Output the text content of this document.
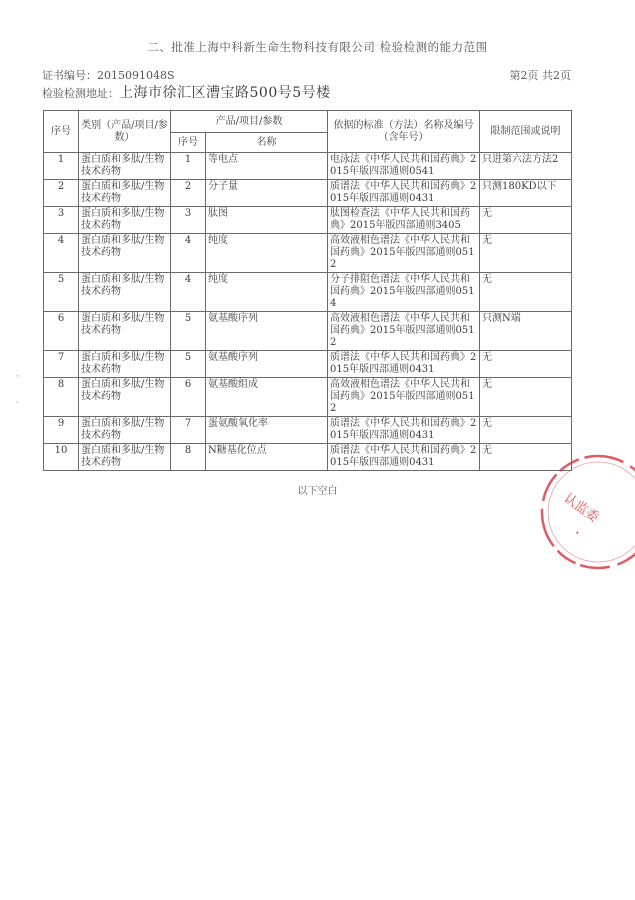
二、批准上海中科新生命生物科技有限公司 检验检测的能力范围
证书编号：2015091048S	第2页 共2页
检验检测地址：上海市徐汇区漕宝路500号5号楼
序号	类别（产品/项目/参数）	产品/项目/参数		依据的标准（方法）名称及编号（含年号）	限制范围或说明
		序号	名称		
1	蛋白质和多肽/生物技术药物	1	等电点	电泳法《中华人民共和国药典》2015年版四部通则0541	只进第六法方法2
2	蛋白质和多肽/生物技术药物	2	分子量	质谱法《中华人民共和国药典》2015年版四部通则0431	只测180KD以下
3	蛋白质和多肽/生物技术药物	3	肽图	肽图检查法《中华人民共和国药典》2015年版四部通则3405	无
4	蛋白质和多肽/生物技术药物	4	纯度	高效液相色谱法《中华人民共和国药典》2015年版四部通则0512	无
5	蛋白质和多肽/生物技术药物	4	纯度	分子排阻色谱法《中华人民共和国药典》2015年版四部通则0514	无
6	蛋白质和多肽/生物技术药物	5	氨基酸序列	高效液相色谱法《中华人民共和国药典》2015年版四部通则0512	只测N端
7	蛋白质和多肽/生物技术药物	5	氨基酸序列	质谱法《中华人民共和国药典》2015年版四部通则0431	无
8	蛋白质和多肽/生物技术药物	6	氨基酸组成	高效液相色谱法《中华人民共和国药典》2015年版四部通则0512	无
9	蛋白质和多肽/生物技术药物	7	蛋氨酸氧化率	质谱法《中华人民共和国药典》2015年版四部通则0431	无
10	蛋白质和多肽/生物技术药物	8	N糖基化位点	质谱法《中华人民共和国药典》2015年版四部通则0431	无
以下空白
·
·
认监委
・
